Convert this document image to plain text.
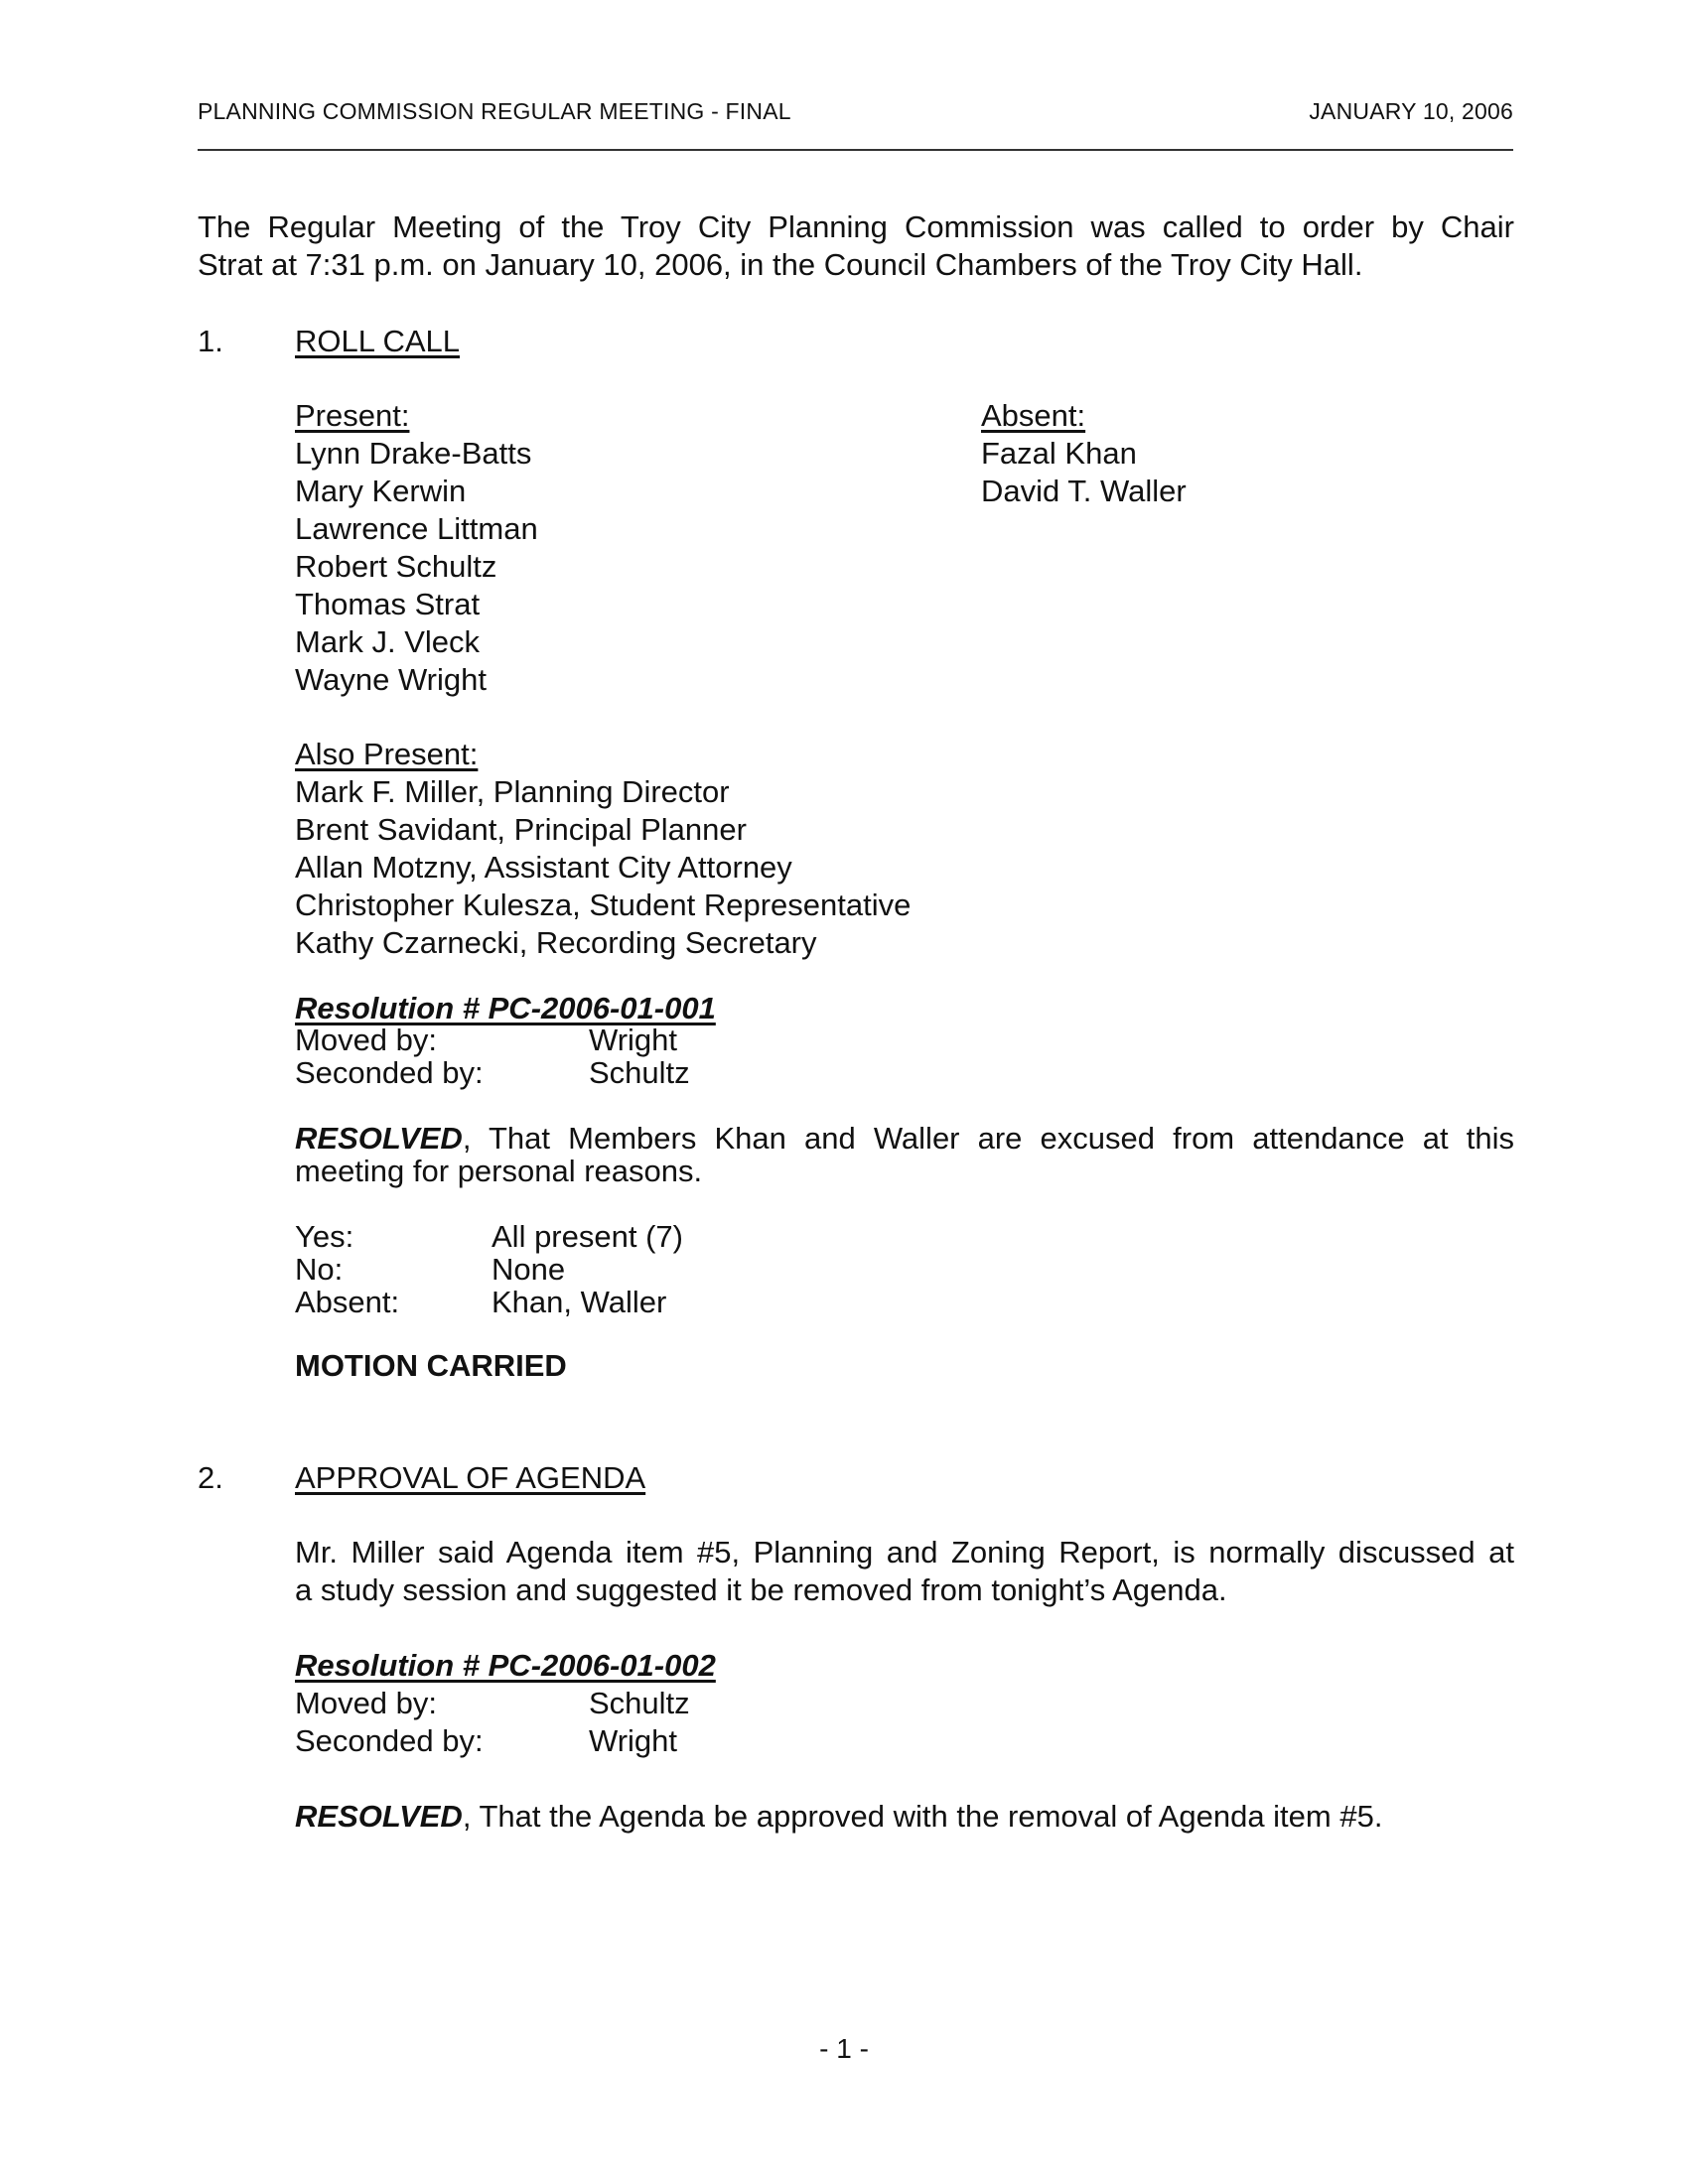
PLANNING COMMISSION REGULAR MEETING - FINAL	JANUARY 10, 2006
The Regular Meeting of the Troy City Planning Commission was called to order by Chair
Strat at 7:31 p.m. on January 10, 2006, in the Council Chambers of the Troy City Hall.
1. ROLL CALL
Present:
Lynn Drake-Batts
Mary Kerwin
Lawrence Littman
Robert Schultz
Thomas Strat
Mark J. Vleck
Wayne Wright
Absent:
Fazal Khan
David T. Waller
Also Present:
Mark F. Miller, Planning Director
Brent Savidant, Principal Planner
Allan Motzny, Assistant City Attorney
Christopher Kulesza, Student Representative
Kathy Czarnecki, Recording Secretary
Resolution # PC-2006-01-001
Moved by:	Wright
Seconded by:	Schultz
RESOLVED, That Members Khan and Waller are excused from attendance at this
meeting for personal reasons.
Yes:	All present (7)
No:	None
Absent:	Khan, Waller
MOTION CARRIED
2. APPROVAL OF AGENDA
Mr. Miller said Agenda item #5, Planning and Zoning Report, is normally discussed at
a study session and suggested it be removed from tonight’s Agenda.
Resolution # PC-2006-01-002
Moved by:	Schultz
Seconded by:	Wright
RESOLVED, That the Agenda be approved with the removal of Agenda item #5.
- 1 -
